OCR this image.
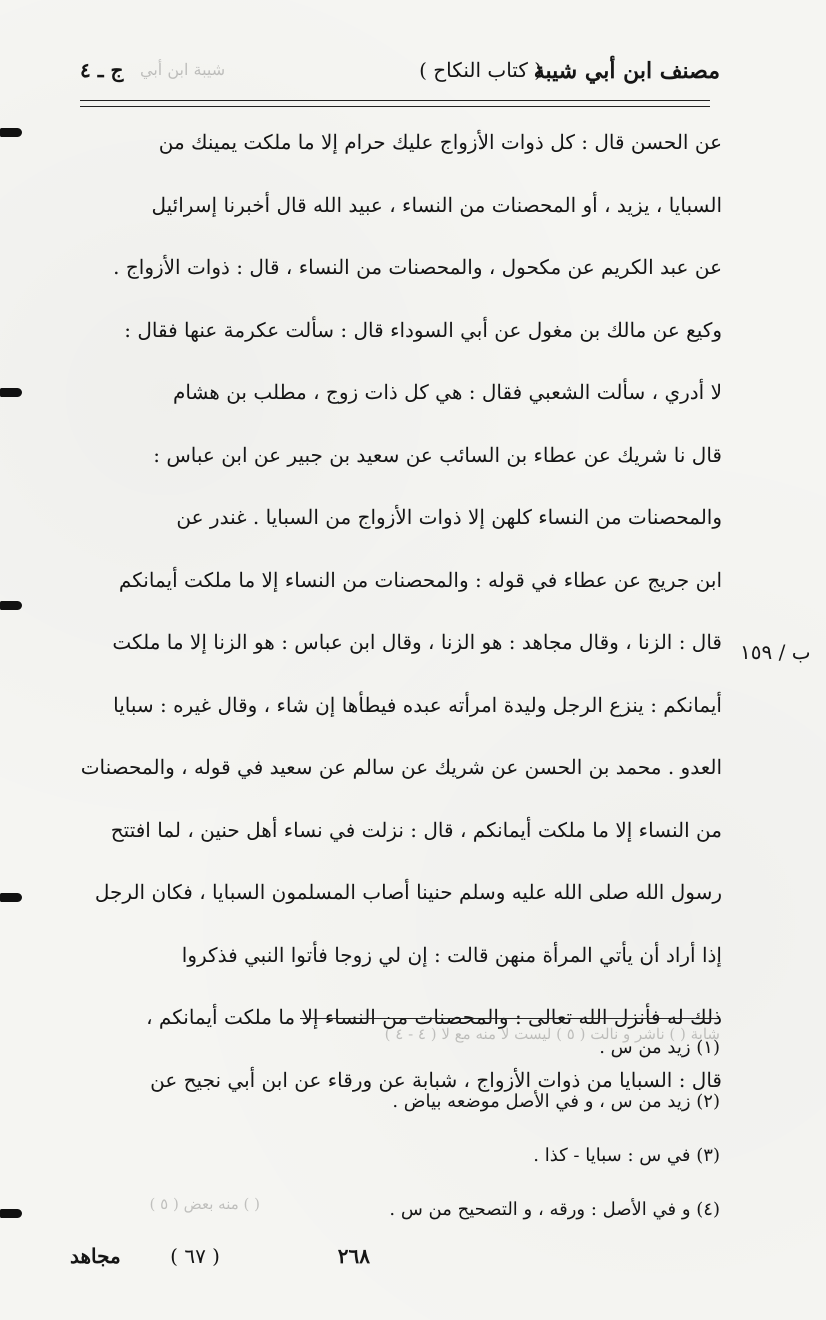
مصنف ابن أبي شيبة
( كتاب النكاح )
شيبة ابن أبي
ج ـ ٤
عن الحسن قال : كل ذوات الأزواج عليك حرام إلا ما ملكت يمينك من
السبايا ، يزيد ، أو المحصنات من النساء ، عبيد الله قال أخبرنا إسرائيل
عن عبد الكريم عن مكحول ، والمحصنات من النساء ، قال : ذوات الأزواج .
وكيع عن مالك بن مغول عن أبي السوداء قال : سألت عكرمة عنها فقال :
لا أدري ، سألت الشعبي فقال : هي كل ذات زوج ، مطلب بن هشام
قال نا شريك عن عطاء بن السائب عن سعيد بن جبير عن ابن عباس :
والمحصنات من النساء كلهن إلا ذوات الأزواج من السبايا . غندر عن
ابن جريج عن عطاء في قوله : والمحصنات من النساء إلا ما ملكت أيمانكم
قال : الزنا ، وقال مجاهد : هو الزنا ، وقال ابن عباس : هو الزنا إلا ما ملكت
أيمانكم : ينزع الرجل وليدة امرأته عبده فيطأها إن شاء ، وقال غيره : سبايا
العدو . محمد بن الحسن عن شريك عن سالم عن سعيد في قوله ، والمحصنات
من النساء إلا ما ملكت أيمانكم ، قال : نزلت في نساء أهل حنين ، لما افتتح
رسول الله صلى الله عليه وسلم حنينا أصاب المسلمون السبايا ، فكان الرجل
إذا أراد أن يأتي المرأة منهن قالت : إن لي زوجا فأتوا النبي فذكروا
ذلك له فأنزل الله تعالى : والمحصنات من النساء إلا ما ملكت أيمانكم ،
قال : السبايا من ذوات الأزواج ، شبابة عن ورقاء عن ابن أبي نجيح عن
ب / ١٥٩
شابة ( ) ناشر و نالت ( ٥ ) ليست لا منه مع لا ( ٤ - ٤ )
( ) منه بعض ( ٥ )
(١) زيد من س .
(٢) زيد من س ، و في الأصل موضعه بياض .
(٣) في س : سبايا - كذا .
(٤) و في الأصل : ورقه ، و التصحيح من س .
٢٦٨
( ٦٧ )
مجاهد
